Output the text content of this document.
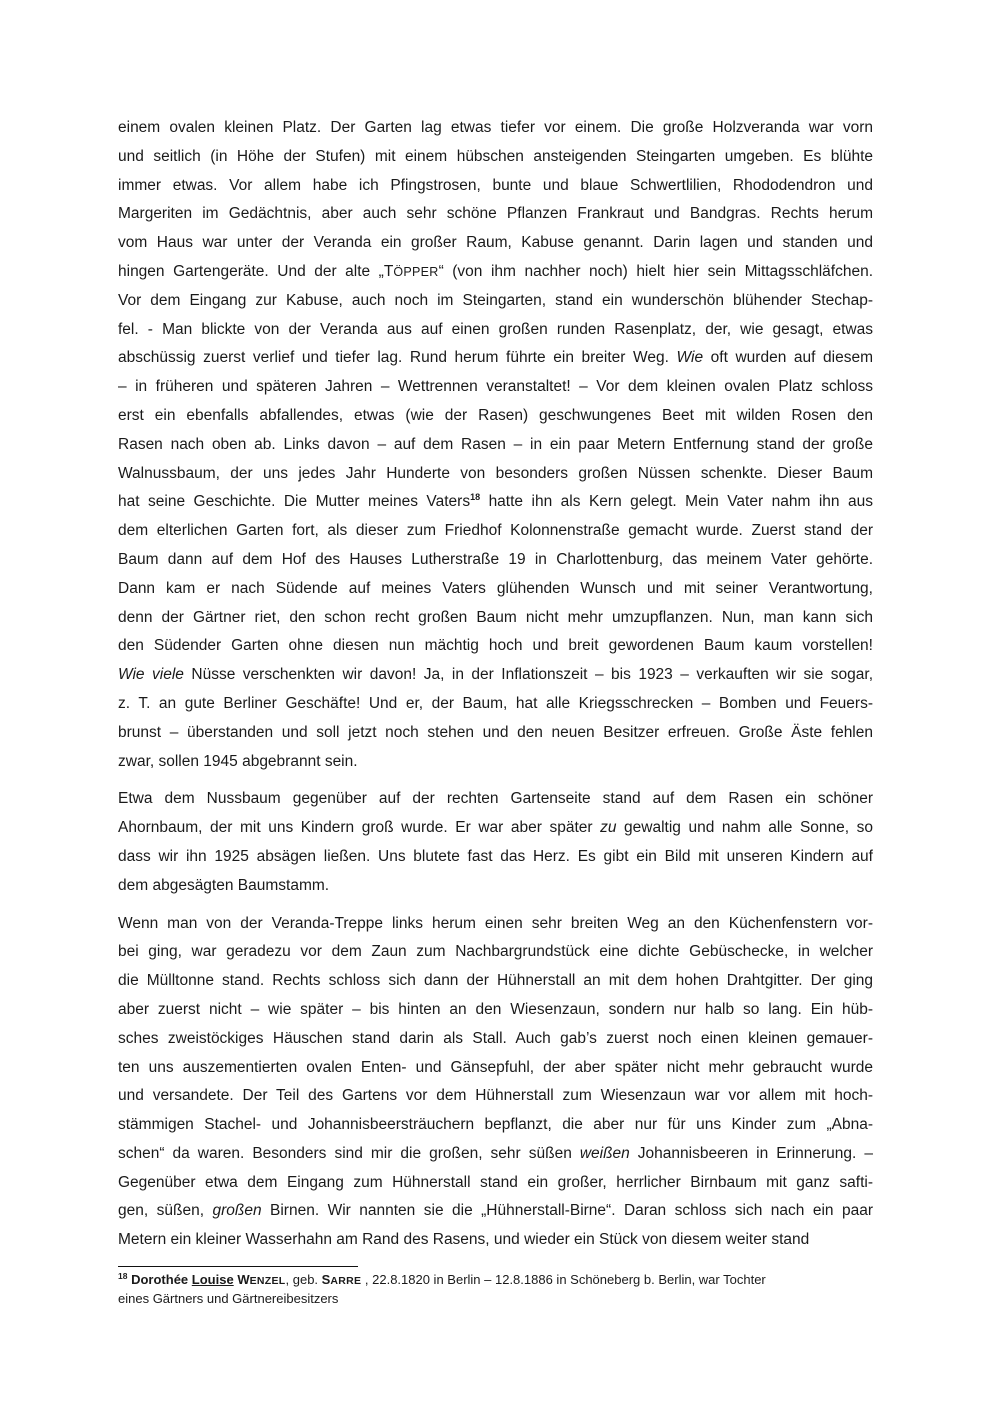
einem ovalen kleinen Platz. Der Garten lag etwas tiefer vor einem. Die große Holzveranda war vorn
und seitlich (in Höhe der Stufen) mit einem hübschen ansteigenden Steingarten umgeben. Es blühte
immer etwas. Vor allem habe ich Pfingstrosen, bunte und blaue Schwertlilien, Rhododendron und
Margeriten im Gedächtnis, aber auch sehr schöne Pflanzen Frankraut und Bandgras. Rechts herum
vom Haus war unter der Veranda ein großer Raum, Kabuse genannt. Darin lagen und standen und
hingen Gartengeräte. Und der alte „TÖPPER“ (von ihm nachher noch) hielt hier sein Mittagsschläfchen.
Vor dem Eingang zur Kabuse, auch noch im Steingarten, stand ein wunderschön blühender Stechap-
fel. - Man blickte von der Veranda aus auf einen großen runden Rasenplatz, der, wie gesagt, etwas
abschüssig zuerst verlief und tiefer lag. Rund herum führte ein breiter Weg. Wie oft wurden auf diesem
– in früheren und späteren Jahren – Wettrennen veranstaltet! – Vor dem kleinen ovalen Platz schloss
erst ein ebenfalls abfallendes, etwas (wie der Rasen) geschwungenes Beet mit wilden Rosen den
Rasen nach oben ab. Links davon – auf dem Rasen – in ein paar Metern Entfernung stand der große
Walnussbaum, der uns jedes Jahr Hunderte von besonders großen Nüssen schenkte. Dieser Baum
hat seine Geschichte. Die Mutter meines Vaters$^{18}$ hatte ihn als Kern gelegt. Mein Vater nahm ihn aus
dem elterlichen Garten fort, als dieser zum Friedhof Kolonnenstraße gemacht wurde. Zuerst stand der
Baum dann auf dem Hof des Hauses Lutherstraße 19 in Charlottenburg, das meinem Vater gehörte.
Dann kam er nach Südende auf meines Vaters glühenden Wunsch und mit seiner Verantwortung,
denn der Gärtner riet, den schon recht großen Baum nicht mehr umzupflanzen. Nun, man kann sich
den Südender Garten ohne diesen nun mächtig hoch und breit gewordenen Baum kaum vorstellen!
Wie viele Nüsse verschenkten wir davon! Ja, in der Inflationszeit – bis 1923 – verkauften wir sie sogar,
z. T. an gute Berliner Geschäfte! Und er, der Baum, hat alle Kriegsschrecken – Bomben und Feuers-
brunst – überstanden und soll jetzt noch stehen und den neuen Besitzer erfreuen. Große Äste fehlen
zwar, sollen 1945 abgebrannt sein.

Etwa dem Nussbaum gegenüber auf der rechten Gartenseite stand auf dem Rasen ein schöner
Ahornbaum, der mit uns Kindern groß wurde. Er war aber später zu gewaltig und nahm alle Sonne, so
dass wir ihn 1925 absägen ließen. Uns blutete fast das Herz. Es gibt ein Bild mit unseren Kindern auf
dem abgesägten Baumstamm.

Wenn man von der Veranda-Treppe links herum einen sehr breiten Weg an den Küchenfenstern vor-
bei ging, war geradezu vor dem Zaun zum Nachbargrundstück eine dichte Gebüschecke, in welcher
die Mülltonne stand. Rechts schloss sich dann der Hühnerstall an mit dem hohen Drahtgitter. Der ging
aber zuerst nicht – wie später – bis hinten an den Wiesenzaun, sondern nur halb so lang. Ein hüb-
sches zweistöckiges Häuschen stand darin als Stall. Auch gab’s zuerst noch einen kleinen gemauer-
ten uns auszementierten ovalen Enten- und Gänsepfuhl, der aber später nicht mehr gebraucht wurde
und versandete. Der Teil des Gartens vor dem Hühnerstall zum Wiesenzaun war vor allem mit hoch-
stämmigen Stachel- und Johannisbeersträuchern bepflanzt, die aber nur für uns Kinder zum „Abna-
schen“ da waren. Besonders sind mir die großen, sehr süßen weißen Johannisbeeren in Erinnerung. –
Gegenüber etwa dem Eingang zum Hühnerstall stand ein großer, herrlicher Birnbaum mit ganz safti-
gen, süßen, großen Birnen. Wir nannten sie die „Hühnerstall-Birne“. Daran schloss sich nach ein paar
Metern ein kleiner Wasserhahn am Rand des Rasens, und wieder ein Stück von diesem weiter stand

$^{18}$ Dorothée Louise WENZEL, geb. SARRE , 22.8.1820 in Berlin – 12.8.1886 in Schöneberg b. Berlin, war Tochter
eines Gärtners und Gärtnereibesitzers
